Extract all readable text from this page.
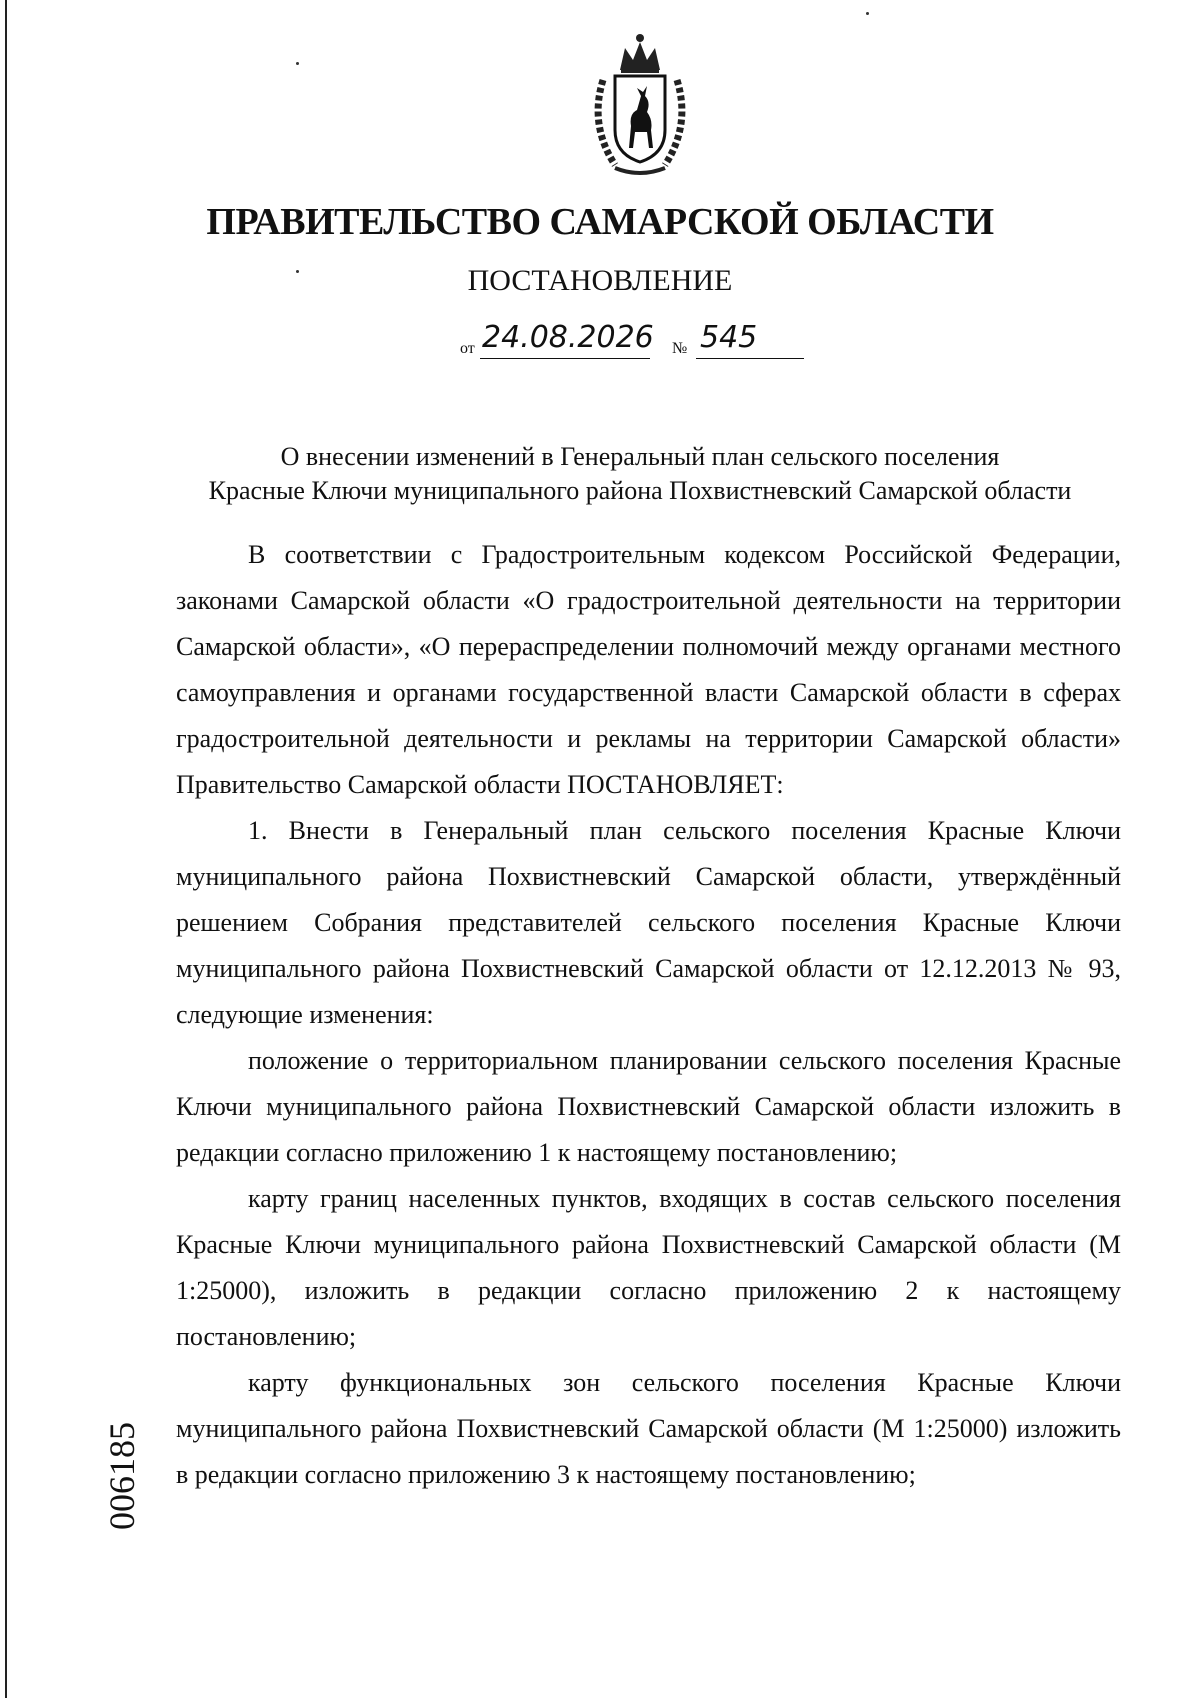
ПРАВИТЕЛЬСТВО САМАРСКОЙ ОБЛАСТИ
ПОСТАНОВЛЕНИЕ
от 24.08.2026 № 545
О внесении изменений в Генеральный план сельского поселения
Красные Ключи муниципального района Похвистневский Самарской области

В соответствии с Градостроительным кодексом Российской Федерации, законами Самарской области «О градостроительной деятельности на территории Самарской области», «О перераспределении полномочий между органами местного самоуправления и органами государственной власти Самарской области в сферах градостроительной деятельности и рекламы на территории Самарской области» Правительство Самарской области ПОСТАНОВЛЯЕТ:

1. Внести в Генеральный план сельского поселения Красные Ключи муниципального района Похвистневский Самарской области, утверждённый решением Собрания представителей сельского поселения Красные Ключи муниципального района Похвистневский Самарской области от 12.12.2013 № 93, следующие изменения:

положение о территориальном планировании сельского поселения Красные Ключи муниципального района Похвистневский Самарской области изложить в редакции согласно приложению 1 к настоящему постановлению;

карту границ населенных пунктов, входящих в состав сельского поселения Красные Ключи муниципального района Похвистневский Самарской области (М 1:25000), изложить в редакции согласно приложению 2 к настоящему постановлению;

карту функциональных зон сельского поселения Красные Ключи муниципального района Похвистневский Самарской области (М 1:25000) изложить в редакции согласно приложению 3 к настоящему постановлению;

006185
